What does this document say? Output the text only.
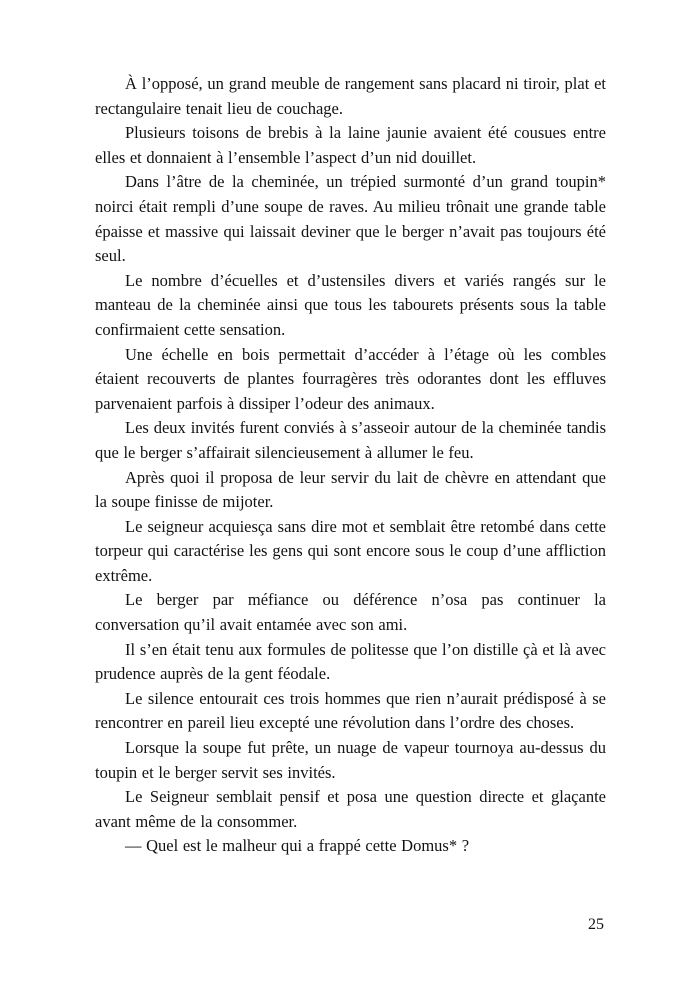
À l’opposé, un grand meuble de rangement sans placard ni tiroir, plat et rectangulaire tenait lieu de couchage.

Plusieurs toisons de brebis à la laine jaunie avaient été cousues entre elles et donnaient à l’ensemble l’aspect d’un nid douillet.

Dans l’âtre de la cheminée, un trépied surmonté d’un grand toupin* noirci était rempli d’une soupe de raves. Au milieu trônait une grande table épaisse et massive qui laissait deviner que le berger n’avait pas toujours été seul.

Le nombre d’écuelles et d’ustensiles divers et variés rangés sur le manteau de la cheminée ainsi que tous les tabourets présents sous la table confirmaient cette sensation.

Une échelle en bois permettait d’accéder à l’étage où les combles étaient recouverts de plantes fourragères très odorantes dont les effluves parvenaient parfois à dissiper l’odeur des animaux.

Les deux invités furent conviés à s’asseoir autour de la cheminée tandis que le berger s’affairait silencieusement à allumer le feu.

Après quoi il proposa de leur servir du lait de chèvre en attendant que la soupe finisse de mijoter.

Le seigneur acquiesça sans dire mot et semblait être retombé dans cette torpeur qui caractérise les gens qui sont encore sous le coup d’une affliction extrême.

Le berger par méfiance ou déférence n’osa pas continuer la conversation qu’il avait entamée avec son ami.

Il s’en était tenu aux formules de politesse que l’on distille çà et là avec prudence auprès de la gent féodale.

Le silence entourait ces trois hommes que rien n’aurait prédisposé à se rencontrer en pareil lieu excepté une révolution dans l’ordre des choses.

Lorsque la soupe fut prête, un nuage de vapeur tournoya au-dessus du toupin et le berger servit ses invités.

Le Seigneur semblait pensif et posa une question directe et glaçante avant même de la consommer.

— Quel est le malheur qui a frappé cette Domus* ?

25
